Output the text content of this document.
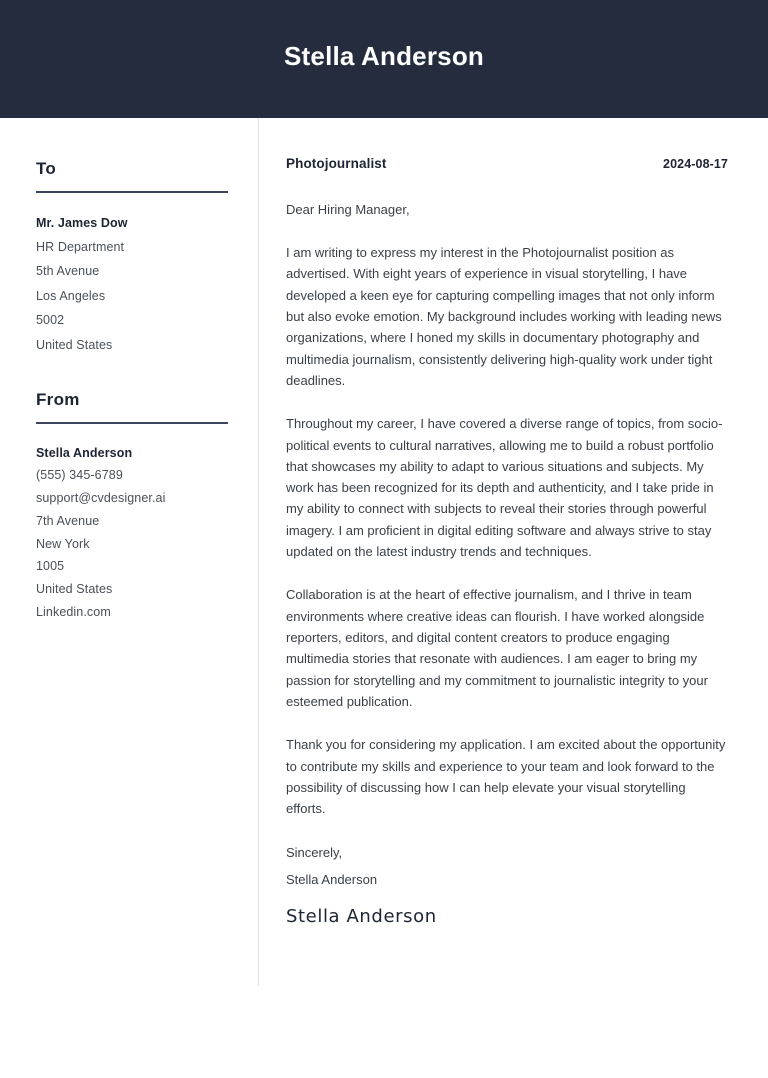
Stella Anderson
To
Mr. James Dow
HR Department
5th Avenue
Los Angeles
5002
United States
From
Stella Anderson
(555) 345-6789
support@cvdesigner.ai
7th Avenue
New York
1005
United States
Linkedin.com
Photojournalist	2024-08-17
Dear Hiring Manager,

I am writing to express my interest in the Photojournalist position as advertised. With eight years of experience in visual storytelling, I have developed a keen eye for capturing compelling images that not only inform but also evoke emotion. My background includes working with leading news organizations, where I honed my skills in documentary photography and multimedia journalism, consistently delivering high-quality work under tight deadlines.

Throughout my career, I have covered a diverse range of topics, from socio-political events to cultural narratives, allowing me to build a robust portfolio that showcases my ability to adapt to various situations and subjects. My work has been recognized for its depth and authenticity, and I take pride in my ability to connect with subjects to reveal their stories through powerful imagery. I am proficient in digital editing software and always strive to stay updated on the latest industry trends and techniques.

Collaboration is at the heart of effective journalism, and I thrive in team environments where creative ideas can flourish. I have worked alongside reporters, editors, and digital content creators to produce engaging multimedia stories that resonate with audiences. I am eager to bring my passion for storytelling and my commitment to journalistic integrity to your esteemed publication.

Thank you for considering my application. I am excited about the opportunity to contribute my skills and experience to your team and look forward to the possibility of discussing how I can help elevate your visual storytelling efforts.

Sincerely,
Stella Anderson
Stella Anderson
